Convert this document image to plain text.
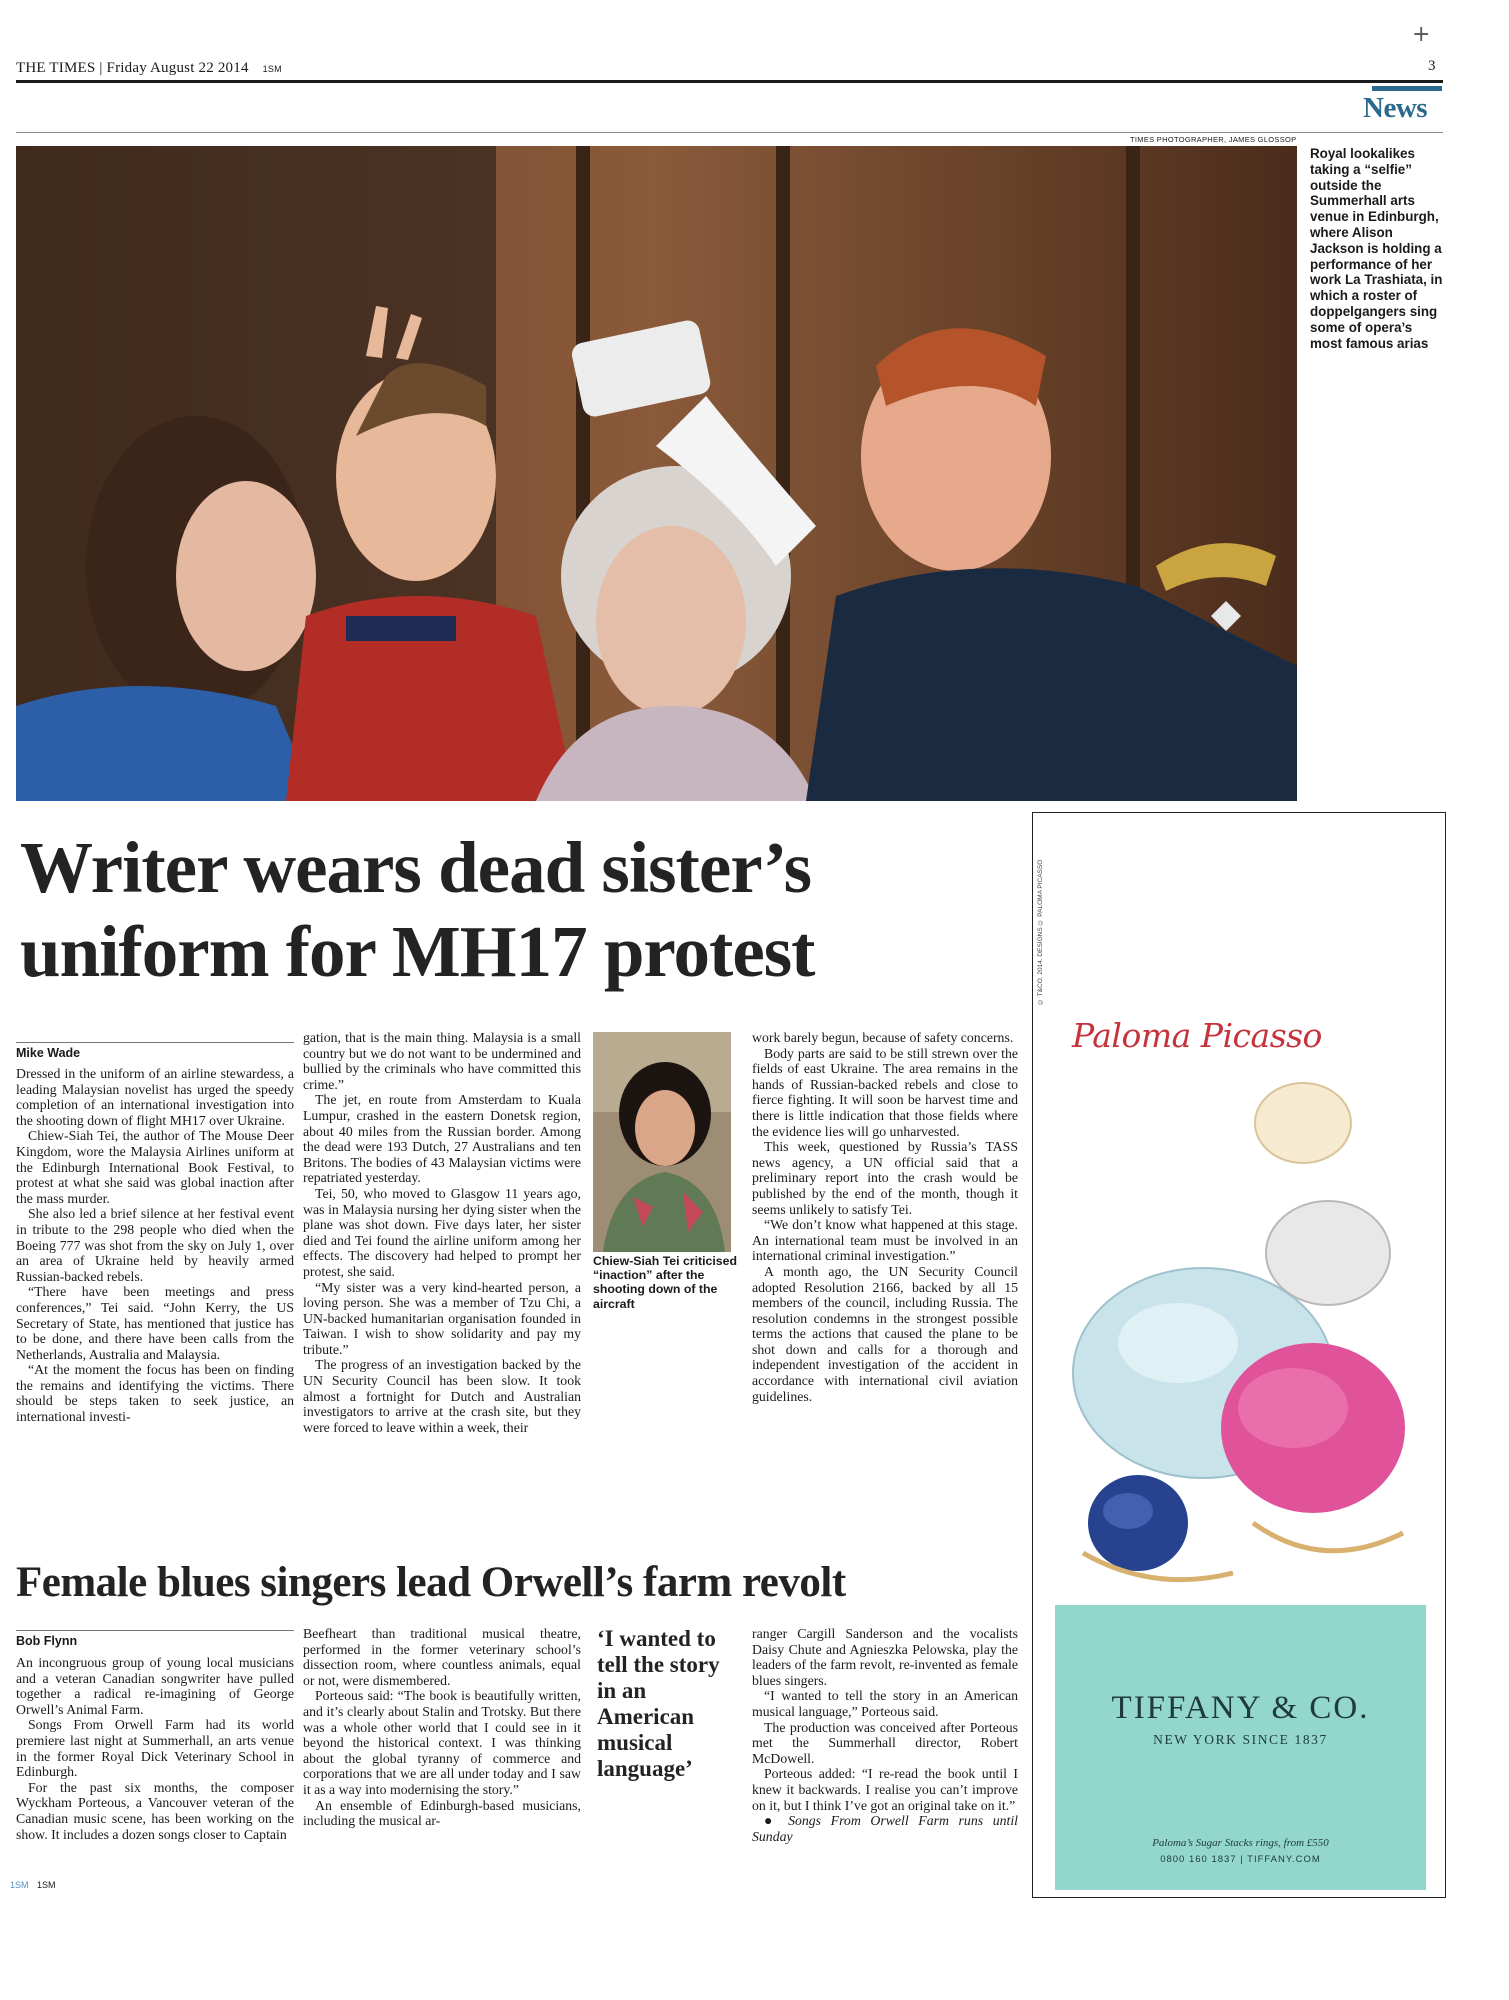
+
THE TIMES | Friday August 22 2014 1SM	3
News
TIMES PHOTOGRAPHER, JAMES GLOSSOP
Royal lookalikes taking a “selfie” outside the Summerhall arts venue in Edinburgh, where Alison Jackson is holding a performance of her work La Trashiata, in which a roster of doppelgangers sing some of opera’s most famous arias
Writer wears dead sister’s
uniform for MH17 protest
Mike Wade

Dressed in the uniform of an airline stewardess, a leading Malaysian novelist has urged the speedy completion of an international investigation into the shooting down of flight MH17 over Ukraine.

Chiew-Siah Tei, the author of The Mouse Deer Kingdom, wore the Malaysia Airlines uniform at the Edinburgh International Book Festival, to protest at what she said was global inaction after the mass murder.

She also led a brief silence at her festival event in tribute to the 298 people who died when the Boeing 777 was shot from the sky on July 1, over an area of Ukraine held by heavily armed Russian-backed rebels.

“There have been meetings and press conferences,” Tei said. “John Kerry, the US Secretary of State, has mentioned that justice has to be done, and there have been calls from the Netherlands, Australia and Malaysia.

“At the moment the focus has been on finding the remains and identifying the victims. There should be steps taken to seek justice, an international investi-

gation, that is the main thing. Malaysia is a small country but we do not want to be undermined and bullied by the criminals who have committed this crime.”

The jet, en route from Amsterdam to Kuala Lumpur, crashed in the eastern Donetsk region, about 40 miles from the Russian border. Among the dead were 193 Dutch, 27 Australians and ten Britons. The bodies of 43 Malaysian victims were repatriated yesterday.

Tei, 50, who moved to Glasgow 11 years ago, was in Malaysia nursing her dying sister when the plane was shot down. Five days later, her sister died and Tei found the airline uniform among her effects. The discovery had helped to prompt her protest, she said.

“My sister was a very kind-hearted person, a loving person. She was a member of Tzu Chi, a UN-backed humanitarian organisation founded in Taiwan. I wish to show solidarity and pay my tribute.”

The progress of an investigation backed by the UN Security Council has been slow. It took almost a fortnight for Dutch and Australian investigators to arrive at the crash site, but they were forced to leave within a week, their

Chiew-Siah Tei criticised “inaction” after the shooting down of the aircraft

work barely begun, because of safety concerns.

Body parts are said to be still strewn over the fields of east Ukraine. The area remains in the hands of Russian-backed rebels and close to fierce fighting. It will soon be harvest time and there is little indication that those fields where the evidence lies will go unharvested.

This week, questioned by Russia’s TASS news agency, a UN official said that a preliminary report into the crash would be published by the end of the month, though it seems unlikely to satisfy Tei.

“We don’t know what happened at this stage. An international team must be involved in an international criminal investigation.”

A month ago, the UN Security Council adopted Resolution 2166, backed by all 15 members of the council, including Russia. The resolution condemns in the strongest possible terms the actions that caused the plane to be shot down and calls for a thorough and independent investigation of the accident in accordance with international civil aviation guidelines.

Female blues singers lead Orwell’s farm revolt
Bob Flynn

An incongruous group of young local musicians and a veteran Canadian songwriter have pulled together a radical re-imagining of George Orwell’s Animal Farm.

Songs From Orwell Farm had its world premiere last night at Summerhall, an arts venue in the former Royal Dick Veterinary School in Edinburgh.

For the past six months, the composer Wyckham Porteous, a Vancouver veteran of the Canadian music scene, has been working on the show. It includes a dozen songs closer to Captain

Beefheart than traditional musical theatre, performed in the former veterinary school’s dissection room, where countless animals, equal or not, were dismembered.

Porteous said: “The book is beautifully written, and it’s clearly about Stalin and Trotsky. But there was a whole other world that I could see in it beyond the historical context. I was thinking about the global tyranny of commerce and corporations that we are all under today and I saw it as a way into modernising the story.”

An ensemble of Edinburgh-based musicians, including the musical ar-

‘I wanted to tell the story in an American musical language’

ranger Cargill Sanderson and the vocalists Daisy Chute and Agnieszka Pelowska, play the leaders of the farm revolt, re-invented as female blues singers.

“I wanted to tell the story in an American musical language,” Porteous said.

The production was conceived after Porteous met the Summerhall director, Robert McDowell.

Porteous added: “I re-read the book until I knew it backwards. I realise you can’t improve on it, but I think I’ve got an original take on it.”

● Songs From Orwell Farm runs until Sunday

© T&CO. 2014. DESIGNS © PALOMA PICASSO
Paloma Picasso
TIFFANY & CO.
NEW YORK SINCE 1837
Paloma’s Sugar Stacks rings, from £550
0800 160 1837 | TIFFANY.COM
1SM 1SM
